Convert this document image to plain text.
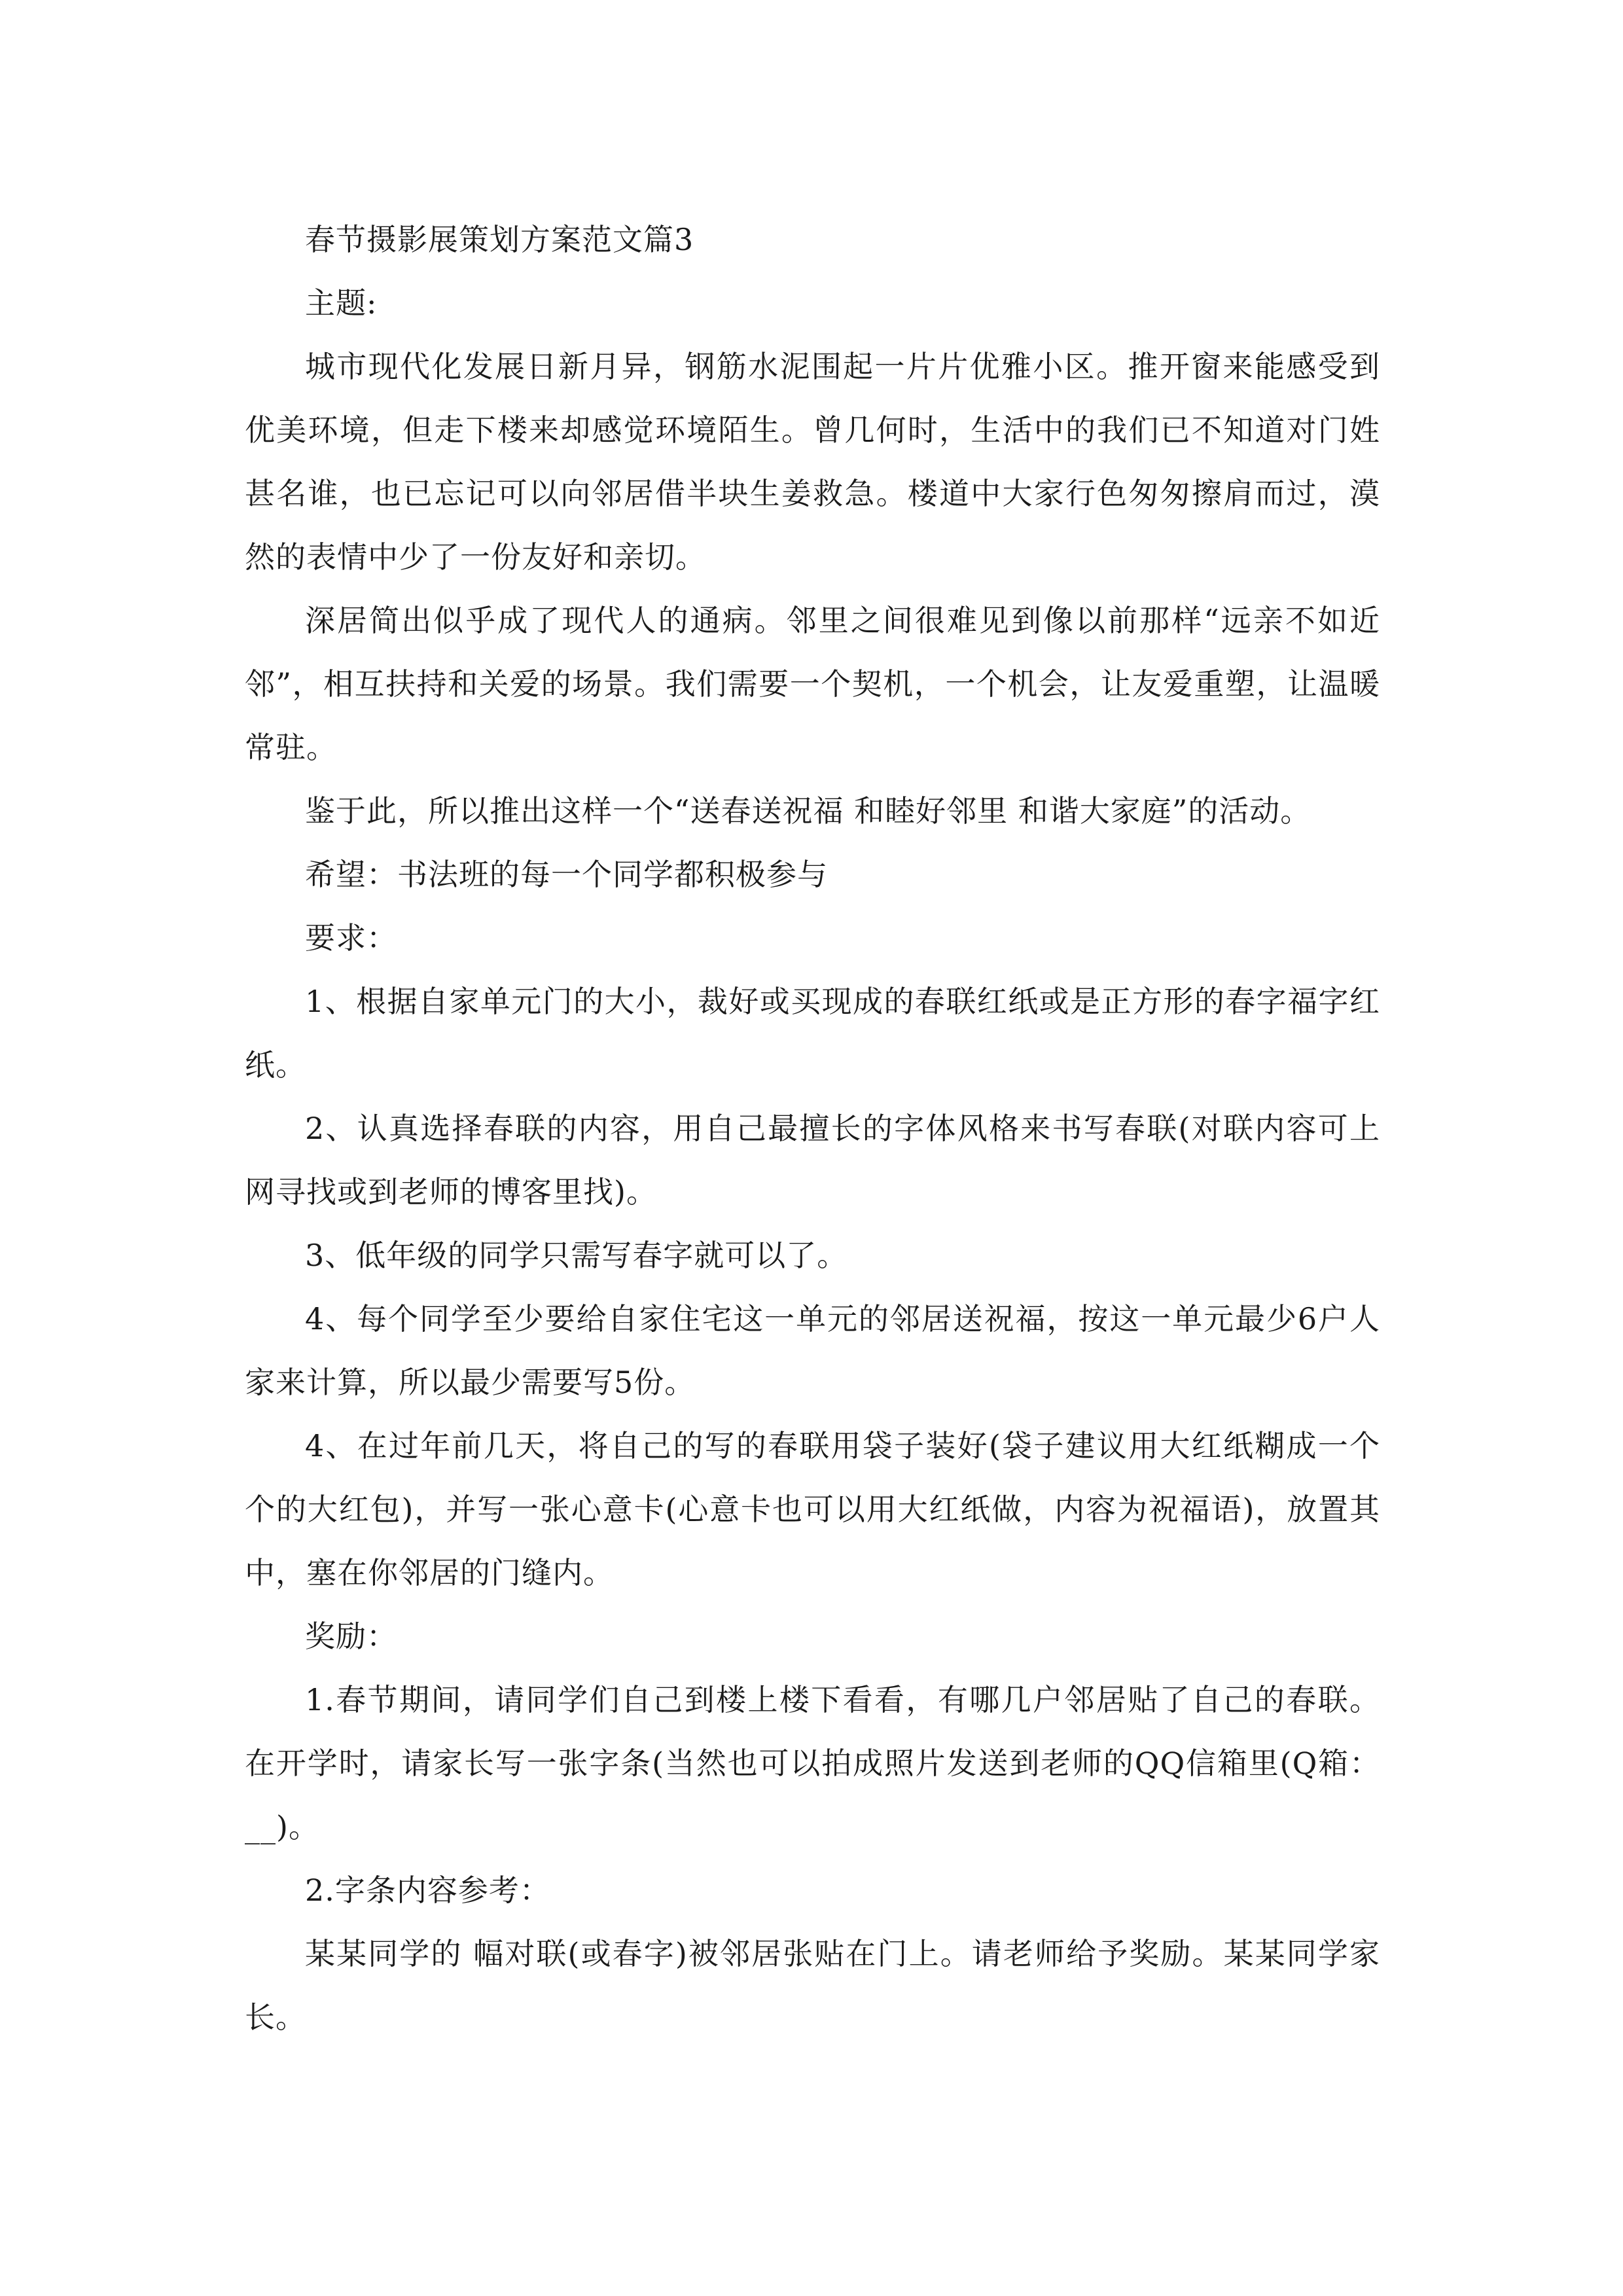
春节摄影展策划方案范文篇3

主题:

城市现代化发展日新月异，钢筋水泥围起一片片优雅小区。推开窗来能感受到优美环境，但走下楼来却感觉环境陌生。曾几何时，生活中的我们已不知道对门姓甚名谁，也已忘记可以向邻居借半块生姜救急。楼道中大家行色匆匆擦肩而过，漠然的表情中少了一份友好和亲切。

深居简出似乎成了现代人的通病。邻里之间很难见到像以前那样“远亲不如近邻”，相互扶持和关爱的场景。我们需要一个契机，一个机会，让友爱重塑，让温暖常驻。

鉴于此，所以推出这样一个“送春送祝福 和睦好邻里 和谐大家庭”的活动。

希望：书法班的每一个同学都积极参与

要求：

1、根据自家单元门的大小，裁好或买现成的春联红纸或是正方形的春字福字红纸。

2、认真选择春联的内容，用自己最擅长的字体风格来书写春联(对联内容可上网寻找或到老师的博客里找)。

3、低年级的同学只需写春字就可以了。

4、每个同学至少要给自家住宅这一单元的邻居送祝福，按这一单元最少6户人家来计算，所以最少需要写5份。

4、在过年前几天，将自己的写的春联用袋子装好(袋子建议用大红纸糊成一个个的大红包)，并写一张心意卡(心意卡也可以用大红纸做，内容为祝福语)，放置其中，塞在你邻居的门缝内。

奖励：

1.春节期间，请同学们自己到楼上楼下看看，有哪几户邻居贴了自己的春联。在开学时，请家长写一张字条(当然也可以拍成照片发送到老师的QQ信箱里(Q箱：__)。

2.字条内容参考：

某某同学的 幅对联(或春字)被邻居张贴在门上。请老师给予奖励。某某同学家长。
